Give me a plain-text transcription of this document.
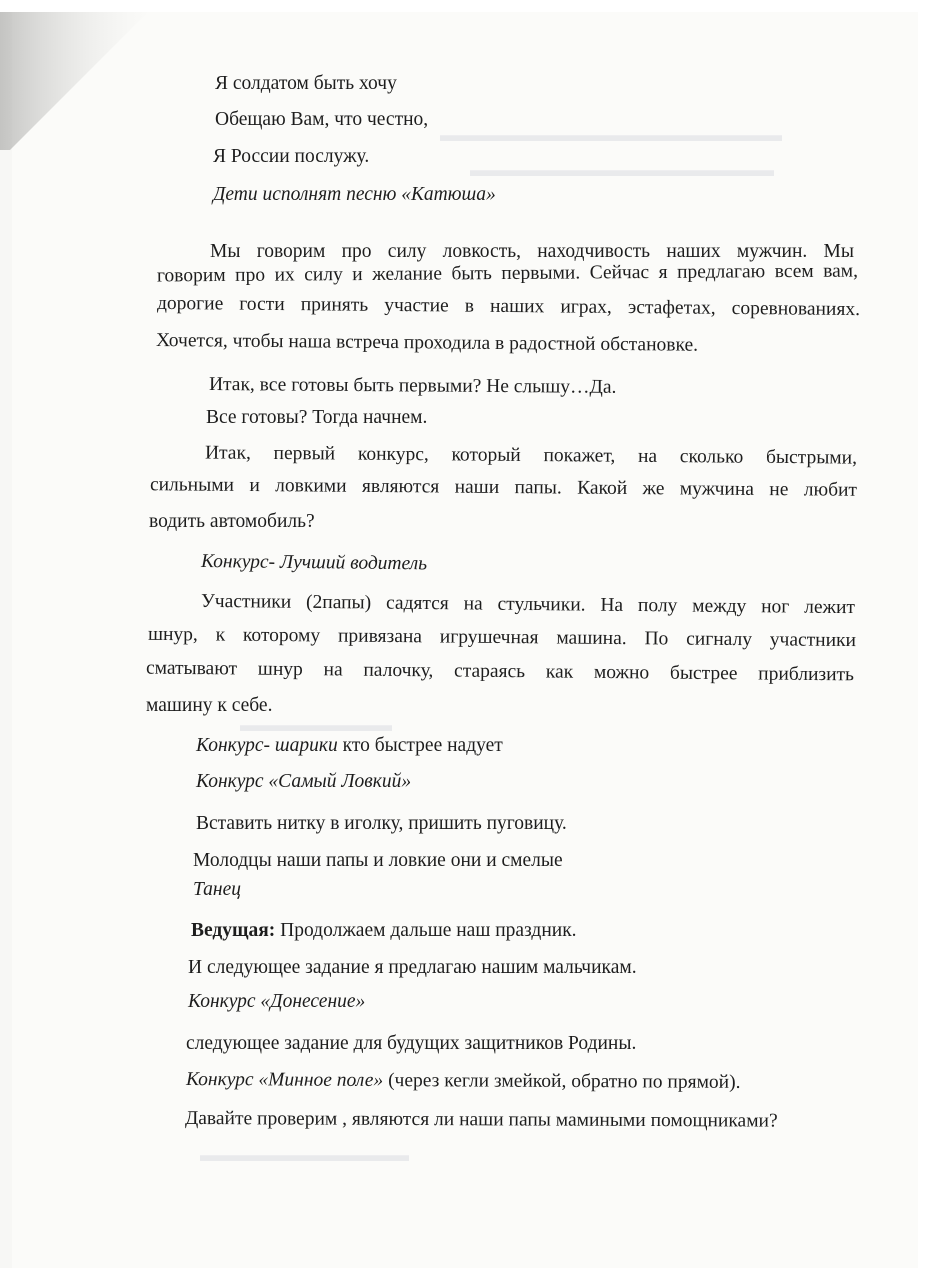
▬▬▬▬▬▬▬▬▬▬▬▬▬▬▬▬▬▬
▬▬▬▬▬▬▬▬▬▬▬▬▬▬▬▬
▬▬▬▬▬▬▬▬
▬▬▬▬▬▬▬▬▬▬▬
Я солдатом быть хочу
Обещаю Вам, что честно,
Я России послужу.
Дети исполнят песню «Катюша»
Мы говорим про силу ловкость, находчивость наших мужчин. Мы
говорим про их силу и желание быть первыми. Сейчас я предлагаю всем вам,
дорогие гости принять участие в наших играх, эстафетах, соревнованиях.
Хочется, чтобы наша встреча проходила в радостной обстановке.
Итак, все готовы быть первыми? Не слышу…Да.
Все готовы? Тогда начнем.
Итак, первый конкурс, который покажет, на сколько быстрыми,
сильными и ловкими являются наши папы. Какой же мужчина не любит
водить автомобиль?
Конкурс- Лучший водитель
Участники (2папы) садятся на стульчики. На полу между ног лежит
шнур, к которому привязана игрушечная машина. По сигналу участники
сматывают шнур на палочку, стараясь как можно быстрее приблизить
машину к себе.
Конкурс- шарики кто быстрее надует
Конкурс «Самый Ловкий»
Вставить нитку в иголку, пришить пуговицу.
Молодцы наши папы и ловкие они и смелые
Танец
Ведущая: Продолжаем дальше наш праздник.
И следующее задание я предлагаю нашим мальчикам.
Конкурс «Донесение»
следующее задание для будущих защитников Родины.
Конкурс «Минное поле» (через кегли змейкой, обратно по прямой).
Давайте проверим , являются ли наши папы мамиными помощниками?
